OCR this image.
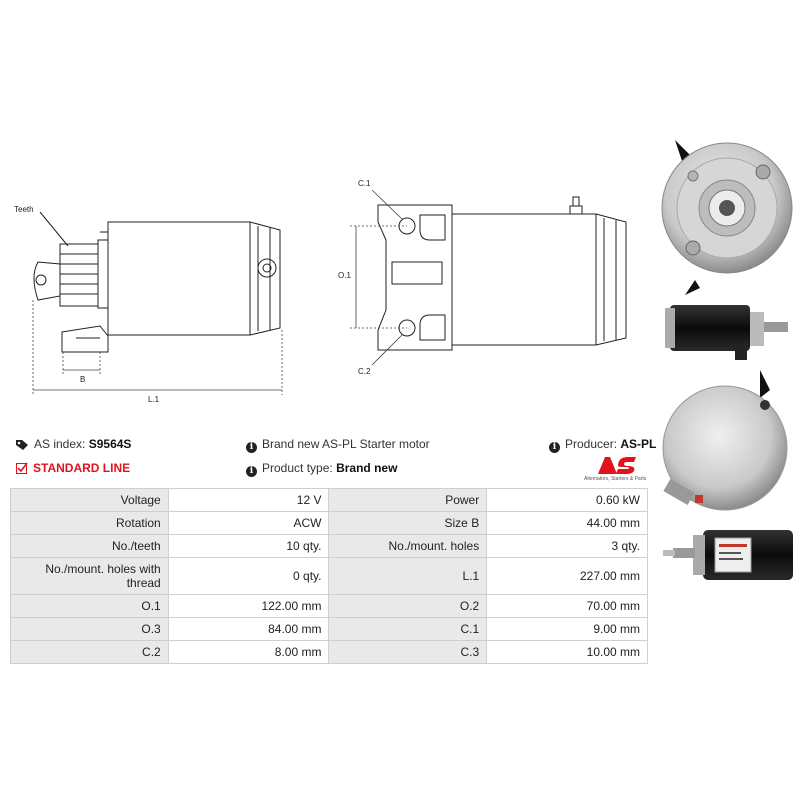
Teeth
B
L.1
C.1
C.2
O.1
AS index: S9564S	i Brand new AS-PL Starter motor	i Producer: AS-PL
STANDARD LINE	i Product type: Brand new
Alternators, Starters & Parts
Voltage	12 V	Power	0.60 kW
Rotation	ACW	Size B	44.00 mm
No./teeth	10 qty.	No./mount. holes	3 qty.
No./mount. holes with thread	0 qty.	L.1	227.00 mm
O.1	122.00 mm	O.2	70.00 mm
O.3	84.00 mm	C.1	9.00 mm
C.2	8.00 mm	C.3	10.00 mm
